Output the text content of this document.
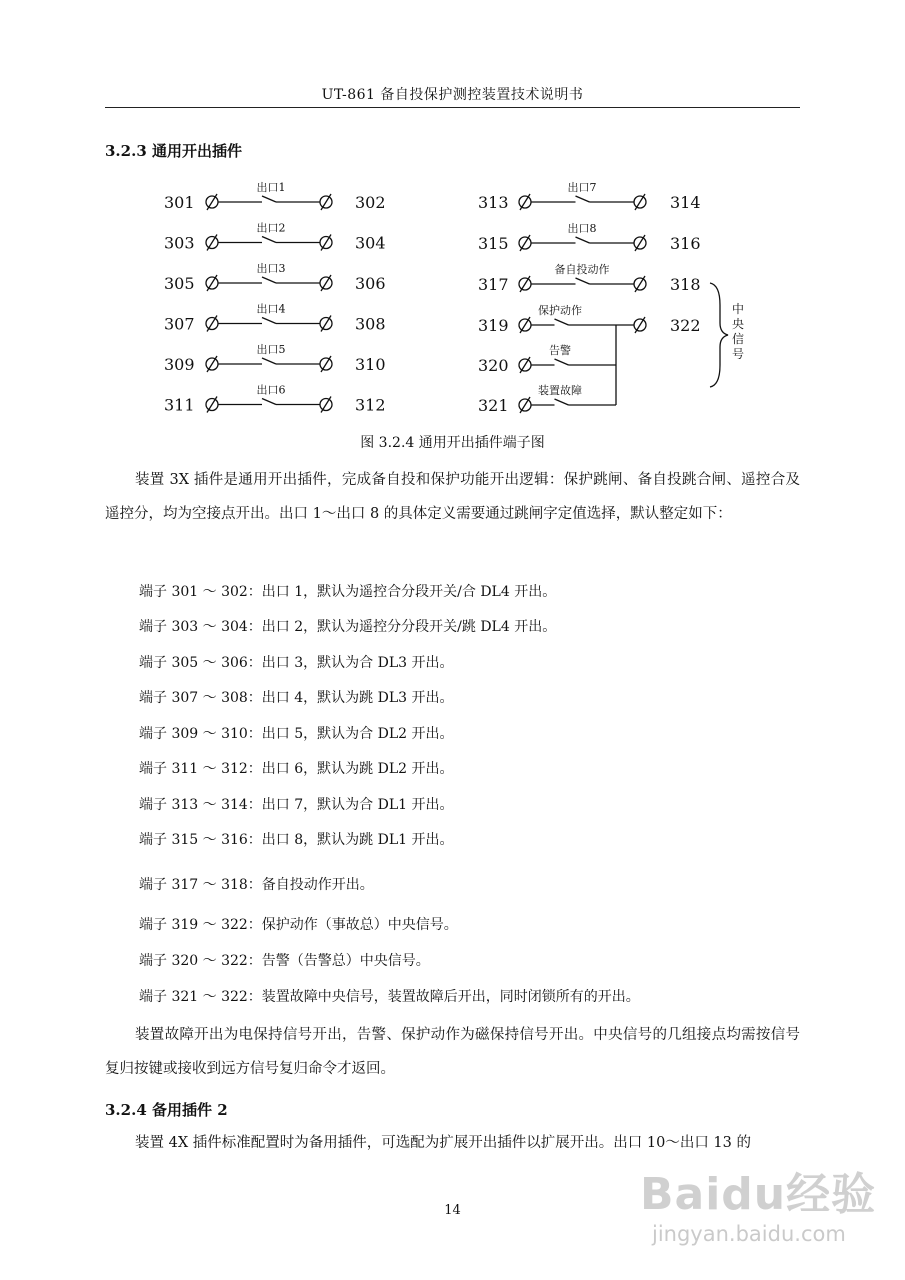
UT-861 备自投保护测控装置技术说明书
3.2.3 通用开出插件
301	302
出口1
303	304
出口2
305	306
出口3
307	308
出口4
309	310
出口5
311	312
出口6
313	314
出口7
315	316
出口8
317	318
备自投动作
319
保护动作
320
告警
321
装置故障
322
中
央
信
号
图 3.2.4 通用开出插件端子图
装置 3X 插件是通用开出插件，完成备自投和保护功能开出逻辑：保护跳闸、备自投跳合闸、遥控合及遥控分，均为空接点开出。出口 1～出口 8 的具体定义需要通过跳闸字定值选择，默认整定如下：
端子 301 ～ 302：出口 1，默认为遥控合分段开关/合 DL4 开出。
端子 303 ～ 304：出口 2，默认为遥控分分段开关/跳 DL4 开出。
端子 305 ～ 306：出口 3，默认为合 DL3 开出。
端子 307 ～ 308：出口 4，默认为跳 DL3 开出。
端子 309 ～ 310：出口 5，默认为合 DL2 开出。
端子 311 ～ 312：出口 6，默认为跳 DL2 开出。
端子 313 ～ 314：出口 7，默认为合 DL1 开出。
端子 315 ～ 316：出口 8，默认为跳 DL1 开出。
端子 317 ～ 318：备自投动作开出。
端子 319 ～ 322：保护动作（事故总）中央信号。
端子 320 ～ 322：告警（告警总）中央信号。
端子 321 ～ 322：装置故障中央信号，装置故障后开出，同时闭锁所有的开出。
装置故障开出为电保持信号开出，告警、保护动作为磁保持信号开出。中央信号的几组接点均需按信号复归按键或接收到远方信号复归命令才返回。
3.2.4 备用插件 2
装置 4X 插件标准配置时为备用插件，可选配为扩展开出插件以扩展开出。出口 10～出口 13 的
14	Baidu经验
jingyan.baidu.com
